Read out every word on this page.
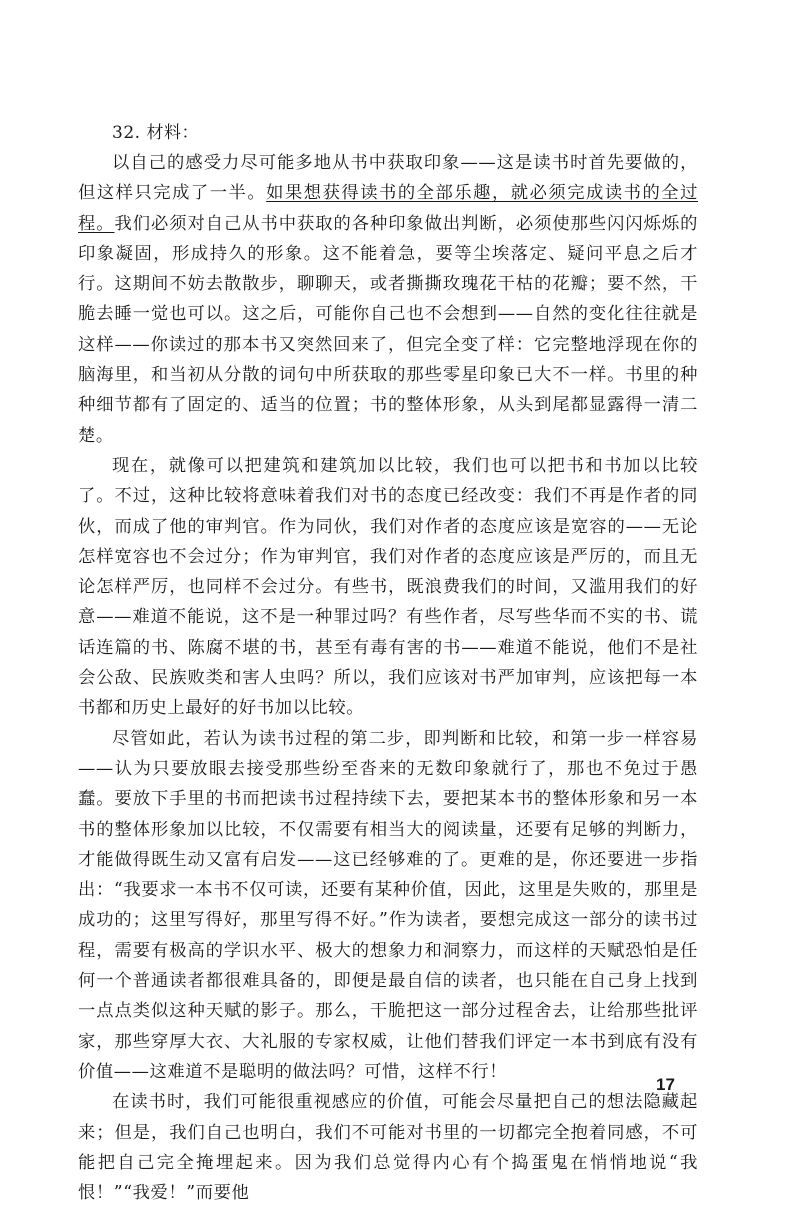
32. 材料：

以自己的感受力尽可能多地从书中获取印象——这是读书时首先要做的，但这样只完成了一半。如果想获得读书的全部乐趣，就必须完成读书的全过程。我们必须对自己从书中获取的各种印象做出判断，必须使那些闪闪烁烁的印象凝固，形成持久的形象。这不能着急，要等尘埃落定、疑问平息之后才行。这期间不妨去散散步，聊聊天，或者撕撕玫瑰花干枯的花瓣；要不然，干脆去睡一觉也可以。这之后，可能你自己也不会想到——自然的变化往往就是这样——你读过的那本书又突然回来了，但完全变了样：它完整地浮现在你的脑海里，和当初从分散的词句中所获取的那些零星印象已大不一样。书里的种种细节都有了固定的、适当的位置；书的整体形象，从头到尾都显露得一清二楚。

现在，就像可以把建筑和建筑加以比较，我们也可以把书和书加以比较了。不过，这种比较将意味着我们对书的态度已经改变：我们不再是作者的同伙，而成了他的审判官。作为同伙，我们对作者的态度应该是宽容的——无论怎样宽容也不会过分；作为审判官，我们对作者的态度应该是严厉的，而且无论怎样严厉，也同样不会过分。有些书，既浪费我们的时间，又滥用我们的好意——难道不能说，这不是一种罪过吗？有些作者，尽写些华而不实的书、谎话连篇的书、陈腐不堪的书，甚至有毒有害的书——难道不能说，他们不是社会公敌、民族败类和害人虫吗？所以，我们应该对书严加审判，应该把每一本书都和历史上最好的好书加以比较。

尽管如此，若认为读书过程的第二步，即判断和比较，和第一步一样容易——认为只要放眼去接受那些纷至沓来的无数印象就行了，那也不免过于愚蠢。要放下手里的书而把读书过程持续下去，要把某本书的整体形象和另一本书的整体形象加以比较，不仅需要有相当大的阅读量，还要有足够的判断力，才能做得既生动又富有启发——这已经够难的了。更难的是，你还要进一步指出：“我要求一本书不仅可读，还要有某种价值，因此，这里是失败的，那里是成功的；这里写得好，那里写得不好。”作为读者，要想完成这一部分的读书过程，需要有极高的学识水平、极大的想象力和洞察力，而这样的天赋恐怕是任何一个普通读者都很难具备的，即便是最自信的读者，也只能在自己身上找到一点点类似这种天赋的影子。那么，干脆把这一部分过程舍去，让给那些批评家，那些穿厚大衣、大礼服的专家权威，让他们替我们评定一本书到底有没有价值——这难道不是聪明的做法吗？可惜，这样不行！

在读书时，我们可能很重视感应的价值，可能会尽量把自己的想法隐藏起来；但是，我们自己也明白，我们不可能对书里的一切都完全抱着同感，不可能把自己完全掩埋起来。因为我们总觉得内心有个捣蛋鬼在悄悄地说“我恨！”“我爱！”而要他

17
